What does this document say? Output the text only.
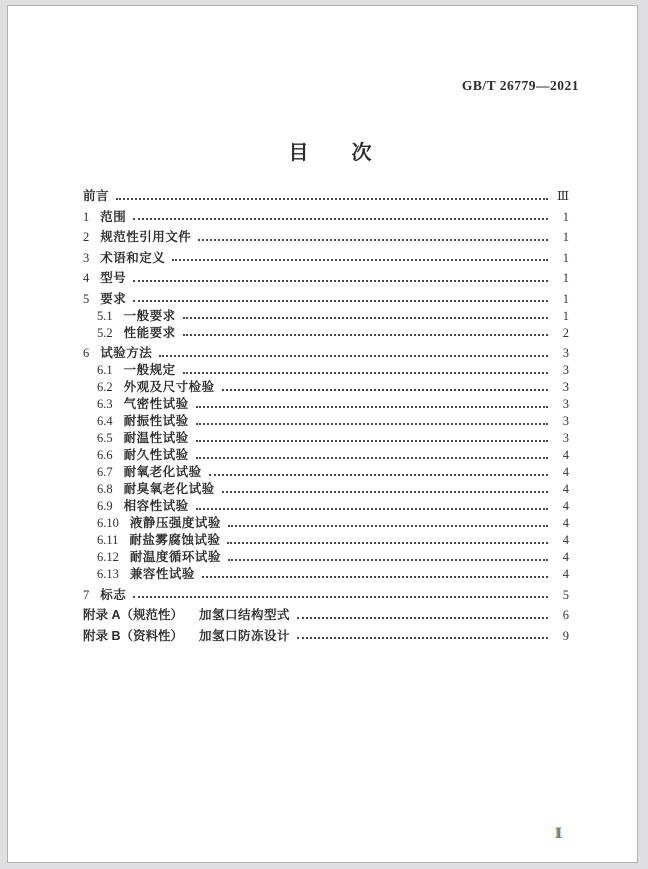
GB/T 26779—2021
目　　次
前言	Ⅲ
1 范围	1
2 规范性引用文件	1
3 术语和定义	1
4 型号	1
5 要求	1
5.1 一般要求	1
5.2 性能要求	2
6 试验方法	3
6.1 一般规定	3
6.2 外观及尺寸检验	3
6.3 气密性试验	3
6.4 耐振性试验	3
6.5 耐温性试验	3
6.6 耐久性试验	4
6.7 耐氧老化试验	4
6.8 耐臭氧老化试验	4
6.9 相容性试验	4
6.10 液静压强度试验	4
6.11 耐盐雾腐蚀试验	4
6.12 耐温度循环试验	4
6.13 兼容性试验	4
7 标志	5
附录 A（规范性） 加氢口结构型式	6
附录 B（资料性） 加氢口防冻设计	9
Ⅰ
